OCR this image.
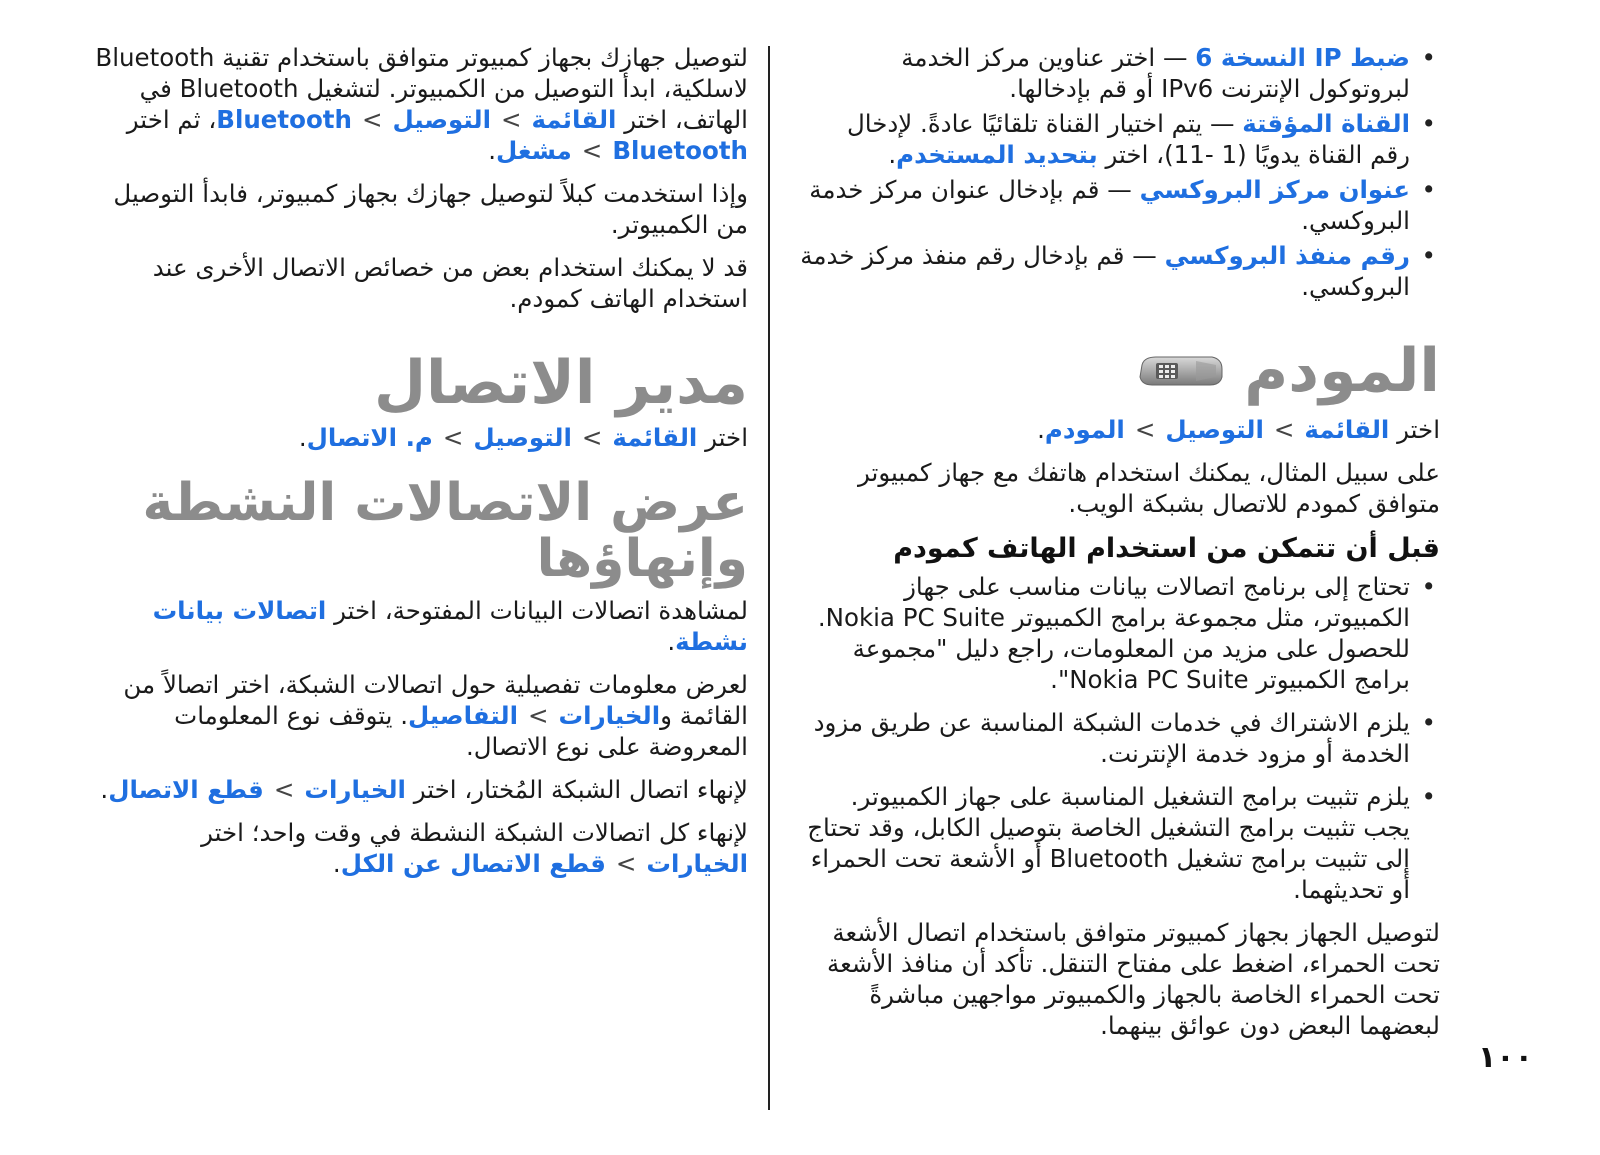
• ضبط IP النسخة 6 — اختر عناوين مركز الخدمة لبروتوكول الإنترنت IPv6 أو قم بإدخالها.
• القناة المؤقتة — يتم اختيار القناة تلقائيًا عادةً. لإدخال رقم القناة يدويًا (1 -11)، اختر بتحديد المستخدم.
• عنوان مركز البروكسي — قم بإدخال عنوان مركز خدمة البروكسي.
• رقم منفذ البروكسي — قم بإدخال رقم منفذ مركز خدمة البروكسي.
المودم

اختر القائمة>التوصيل>المودم.

على سبيل المثال، يمكنك استخدام هاتفك مع جهاز كمبيوتر متوافق كمودم للاتصال بشبكة الويب.

قبل أن تتمكن من استخدام الهاتف كمودم
• تحتاج إلى برنامج اتصالات بيانات مناسب على جهاز الكمبيوتر، مثل مجموعة برامج الكمبيوتر Nokia PC Suite. للحصول على مزيد من المعلومات، راجع دليل "مجموعة برامج الكمبيوتر Nokia PC Suite".
• يلزم الاشتراك في خدمات الشبكة المناسبة عن طريق مزود الخدمة أو مزود خدمة الإنترنت.
• يلزم تثبيت برامج التشغيل المناسبة على جهاز الكمبيوتر. يجب تثبيت برامج التشغيل الخاصة بتوصيل الكابل، وقد تحتاج إلى تثبيت برامج تشغيل Bluetooth أو الأشعة تحت الحمراء أو تحديثهما.

لتوصيل الجهاز بجهاز كمبيوتر متوافق باستخدام اتصال الأشعة تحت الحمراء، اضغط على مفتاح التنقل. تأكد أن منافذ الأشعة تحت الحمراء الخاصة بالجهاز والكمبيوتر مواجهين مباشرةً لبعضهما البعض دون عوائق بينهما.

لتوصيل جهازك بجهاز كمبيوتر متوافق باستخدام تقنية Bluetooth لاسلكية، ابدأ التوصيل من الكمبيوتر. لتشغيل Bluetooth في الهاتف، اختر القائمة>التوصيل>Bluetooth، ثم اختر Bluetooth>مشغل.

وإذا استخدمت كبلاً لتوصيل جهازك بجهاز كمبيوتر، فابدأ التوصيل من الكمبيوتر.

قد لا يمكنك استخدام بعض من خصائص الاتصال الأخرى عند استخدام الهاتف كمودم.

مدير الاتصال

اختر القائمة>التوصيل>م. الاتصال.

عرض الاتصالات النشطة وإنهاؤها

لمشاهدة اتصالات البيانات المفتوحة، اختر اتصالات بيانات نشطة.

لعرض معلومات تفصيلية حول اتصالات الشبكة، اختر اتصالاً من القائمة والخيارات>التفاصيل. يتوقف نوع المعلومات المعروضة على نوع الاتصال.

لإنهاء اتصال الشبكة المُختار، اختر الخيارات>قطع الاتصال.

لإنهاء كل اتصالات الشبكة النشطة في وقت واحد؛ اختر الخيارات>قطع الاتصال عن الكل.

١٠٠
